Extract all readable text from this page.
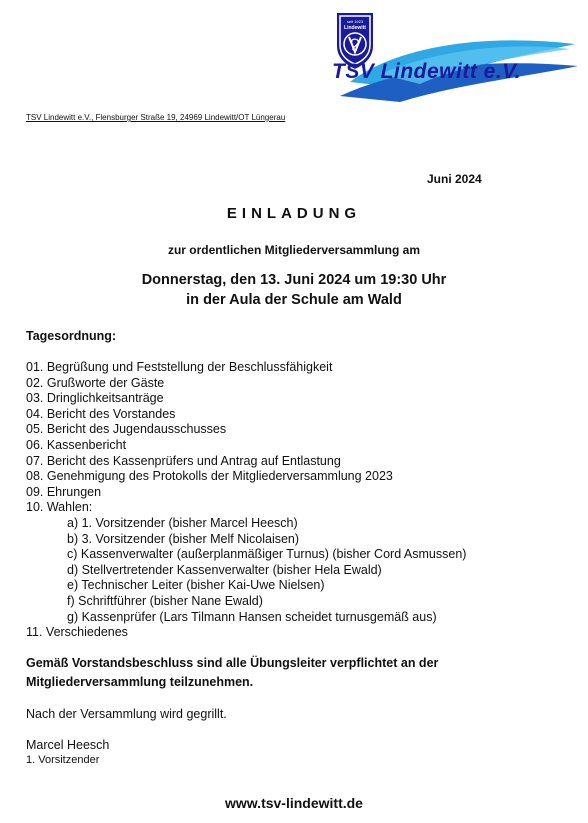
seit 1923
Lindewitt
TSV Lindewitt e.V.
TSV Lindewitt e.V., Flensburger Straße 19, 24969 Lindewitt/OT Lüngerau
Juni 2024
EINLADUNG
zur ordentlichen Mitgliederversammlung am
Donnerstag, den 13. Juni 2024 um 19:30 Uhr
in der Aula der Schule am Wald
Tagesordnung:
01. Begrüßung und Feststellung der Beschlussfähigkeit
02. Grußworte der Gäste
03. Dringlichkeitsanträge
04. Bericht des Vorstandes
05. Bericht des Jugendausschusses
06. Kassenbericht
07. Bericht des Kassenprüfers und Antrag auf Entlastung
08. Genehmigung des Protokolls der Mitgliederversammlung 2023
09. Ehrungen
10. Wahlen:
a) 1. Vorsitzender (bisher Marcel Heesch)
b) 3. Vorsitzender (bisher Melf Nicolaisen)
c) Kassenverwalter (außerplanmäßiger Turnus) (bisher Cord Asmussen)
d) Stellvertretender Kassenverwalter (bisher Hela Ewald)
e) Technischer Leiter (bisher Kai-Uwe Nielsen)
f) Schriftführer (bisher Nane Ewald)
g) Kassenprüfer (Lars Tilmann Hansen scheidet turnusgemäß aus)
11. Verschiedenes
Gemäß Vorstandsbeschluss sind alle Übungsleiter verpflichtet an der
Mitgliederversammlung teilzunehmen.
Nach der Versammlung wird gegrillt.
Marcel Heesch
1. Vorsitzender
www.tsv-lindewitt.de
